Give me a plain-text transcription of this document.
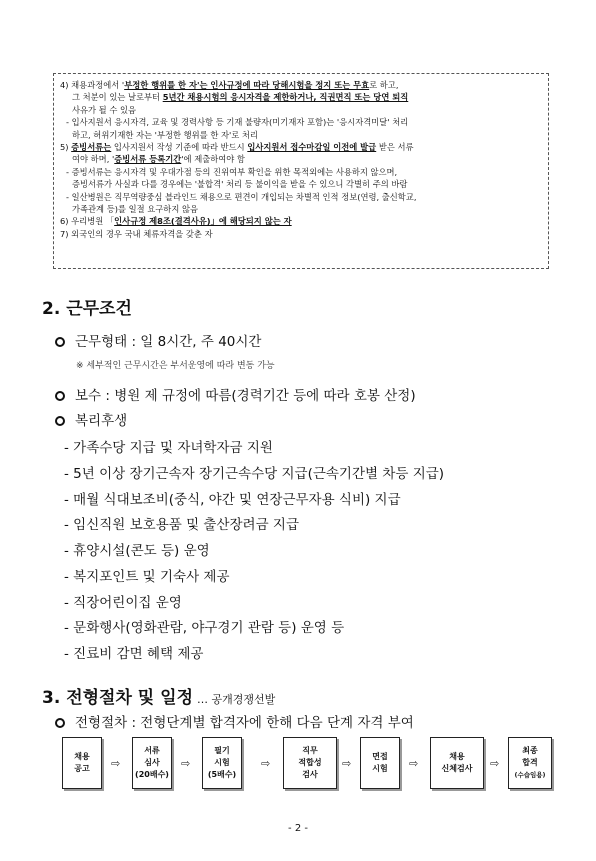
4) 채용과정에서 '부정한 행위를 한 자'는 인사규정에 따라 당해시험을 정지 또는 무효로 하고,
그 처분이 있는 날로부터 5년간 채용시험의 응시자격을 제한하거나, 직권면직 또는 당연 퇴직
사유가 될 수 있음
- 입사지원서 응시자격, 교육 및 경력사항 등 기재 불량자(미기재자 포함)는 '응시자격미달' 처리
하고, 허위기재한 자는 '부정한 행위를 한 자'로 처리
5) 증빙서류는 입사지원서 작성 기준에 따라 반드시 입사지원서 접수마감일 이전에 발급 받은 서류
여야 하며, '증빙서류 등록기간'에 제출하여야 함
- 증빙서류는 응시자격 및 우대가점 등의 진위여부 확인을 위한 목적외에는 사용하지 않으며,
증빙서류가 사실과 다를 경우에는 '불합격' 처리 등 불이익을 받을 수 있으니 각별히 주의 바람
- 일산병원은 직무역량중심 블라인드 채용으로 편견이 개입되는 차별적 인적 정보(연령, 출신학교,
가족관계 등)를 일절 요구하지 않음
6) 우리병원 「인사규정 제8조(결격사유)」에 해당되지 않는 자
7) 외국인의 경우 국내 체류자격을 갖춘 자
2. 근무조건
근무형태 : 일 8시간, 주 40시간
※ 세부적인 근무시간은 부서운영에 따라 변동 가능
보수 : 병원 제 규정에 따름(경력기간 등에 따라 호봉 산정)
복리후생
- 가족수당 지급 및 자녀학자금 지원
- 5년 이상 장기근속자 장기근속수당 지급(근속기간별 차등 지급)
- 매월 식대보조비(중식, 야간 및 연장근무자용 식비) 지급
- 임신직원 보호용품 및 출산장려금 지급
- 휴양시설(콘도 등) 운영
- 복지포인트 및 기숙사 제공
- 직장어린이집 운영
- 문화행사(영화관람, 야구경기 관람 등) 운영 등
- 진료비 감면 혜택 제공
3. 전형절차 및 일정 … 공개경쟁선발
전형절차 : 전형단계별 합격자에 한해 다음 단계 자격 부여
채용
공고	⇨
서류
심사
(20배수)
⇨
필기
시험
(5배수)
⇨
직무
적합성
검사
⇨
면접
시험	⇨
채용
신체검사	⇨
최종
합격
(수습임용)
- 2 -
